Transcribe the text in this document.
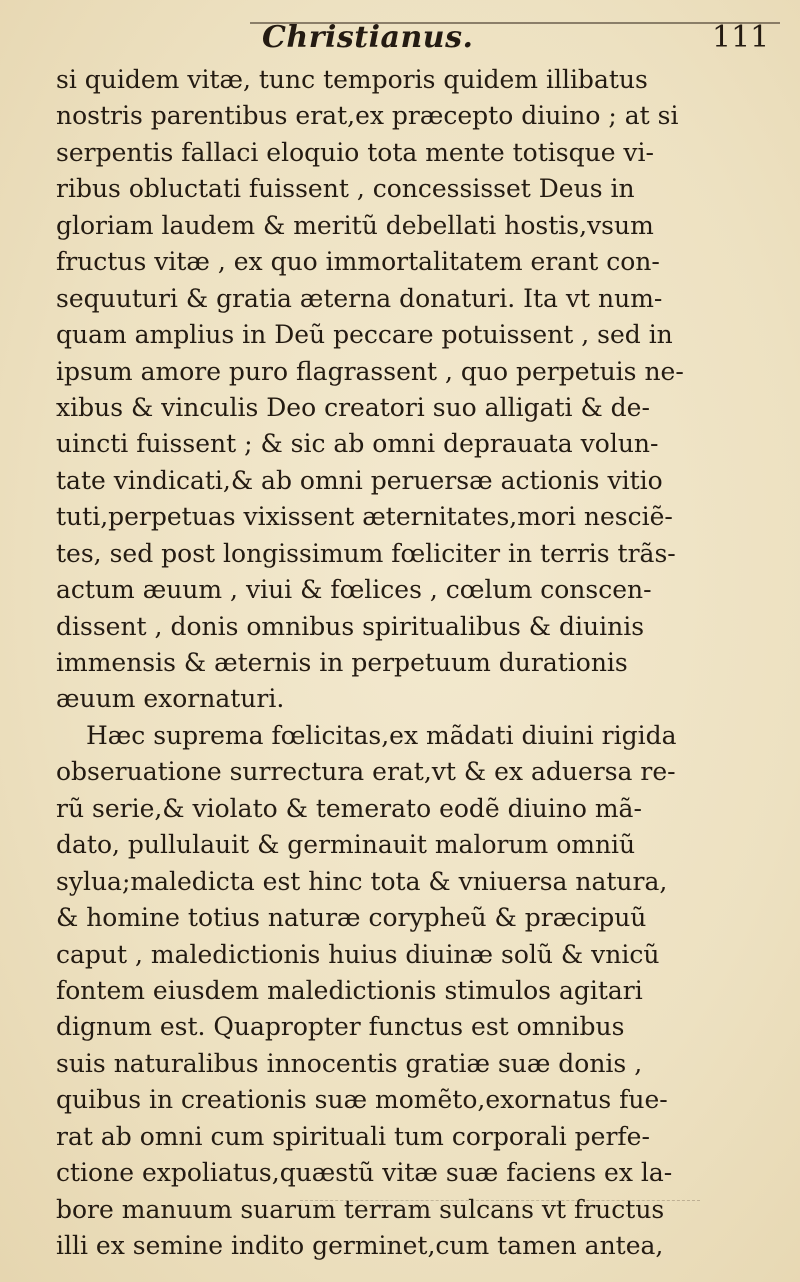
Christianus.	111
si quidem vitæ, tunc temporis quidem illibatus
nostris parentibus erat,ex præcepto diuino ; at si
serpentis fallaci eloquio tota mente totisque vi-
ribus obluctati fuissent , concessisset Deus in
gloriam laudem & meritũ debellati hostis,vsum
fructus vitæ , ex quo immortalitatem erant con-
sequuturi & gratia æterna donaturi. Ita vt num-
quam amplius in Deũ peccare potuissent , sed in
ipsum amore puro flagrassent , quo perpetuis ne-
xibus & vinculis Deo creatori suo alligati & de-
uincti fuissent ; & sic ab omni deprauata volun-
tate vindicati,& ab omni peruersæ actionis vitio
tuti,perpetuas vixissent æternitates,mori nesciẽ-
tes, sed post longissimum fœliciter in terris trãs-
actum æuum , viui & fœlices , cœlum conscen-
dissent , donis omnibus spiritualibus & diuinis
immensis & æternis in perpetuum durationis
æuum exornaturi.
Hæc suprema fœlicitas,ex mãdati diuini rigida
obseruatione surrectura erat,vt & ex aduersa re-
rũ serie,& violato & temerato eodẽ diuino mã-
dato, pullulauit & germinauit malorum omniũ
sylua;maledicta est hinc tota & vniuersa natura,
& homine totius naturæ corypheũ & præcipuũ
caput , maledictionis huius diuinæ solũ & vnicũ
fontem eiusdem maledictionis stimulos agitari
dignum est. Quapropter functus est omnibus
suis naturalibus innocentis gratiæ suæ donis ,
quibus in creationis suæ momẽto,exornatus fue-
rat ab omni cum spirituali tum corporali perfe-
ctione expoliatus,quæstũ vitæ suæ faciens ex la-
bore manuum suarum terram sulcans vt fructus
illi ex semine indito germinet,cum tamen antea,
